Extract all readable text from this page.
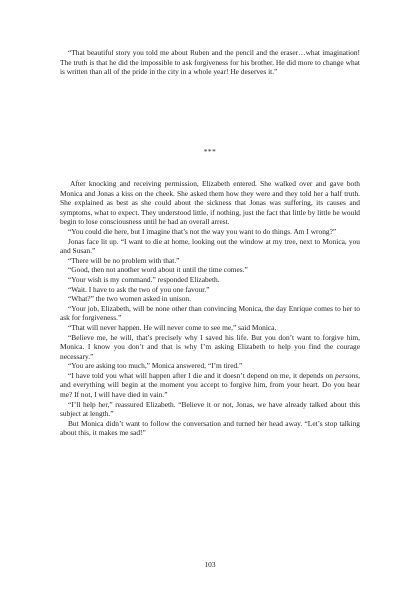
“That beautiful story you told me about Ruben and the pencil and the eraser…what imagination! The truth is that he did the impossible to ask forgiveness for his brother. He did more to change what is written than all of the pride in the city in a whole year! He deserves it.”

***

After knocking and receiving permission, Elizabeth entered. She walked over and gave both Monica and Jonas a kiss on the cheek. She asked them how they were and they told her a half truth. She explained as best as she could about the sickness that Jonas was suffering, its causes and symptoms, what to expect. They understood little, if nothing, just the fact that little by little he would begin to lose consciousness until he had an overall arrest.

“You could die here, but I imagine that’s not the way you want to do things. Am I wrong?”

Jonas face lit up. “I want to die at home, looking out the window at my tree, next to Monica, you and Susan.”

“There will be no problem with that.”

“Good, then not another word about it until the time comes.”

“Your wish is my command.” responded Elizabeth.

“Wait. I have to ask the two of you one favour.”

“What?” the two women asked in unison.

“Your job, Elizabeth, will be none other than convincing Monica, the day Enrique comes to her to ask for forgiveness.”

“That will never happen. He will never come to see me,” said Monica.

“Believe me, he will, that’s precisely why I saved his life. But you don’t want to forgive him, Monica. I know you don’t and that is why I’m asking Elizabeth to help you find the courage necessary.”

“You are asking too much,” Monica answered, “I’m tired.”

“I have told you what will happen after I die and it doesn’t depend on me, it depends on persons, and everything will begin at the moment you accept to forgive him, from your heart. Do you hear me? If not, I will have died in vain.”

“I’ll help her,” reassured Elizabeth. “Believe it or not, Jonas, we have already talked about this subject at length.”

But Monica didn’t want to follow the conversation and turned her head away. “Let’s stop talking about this, it makes me sad!”

103
